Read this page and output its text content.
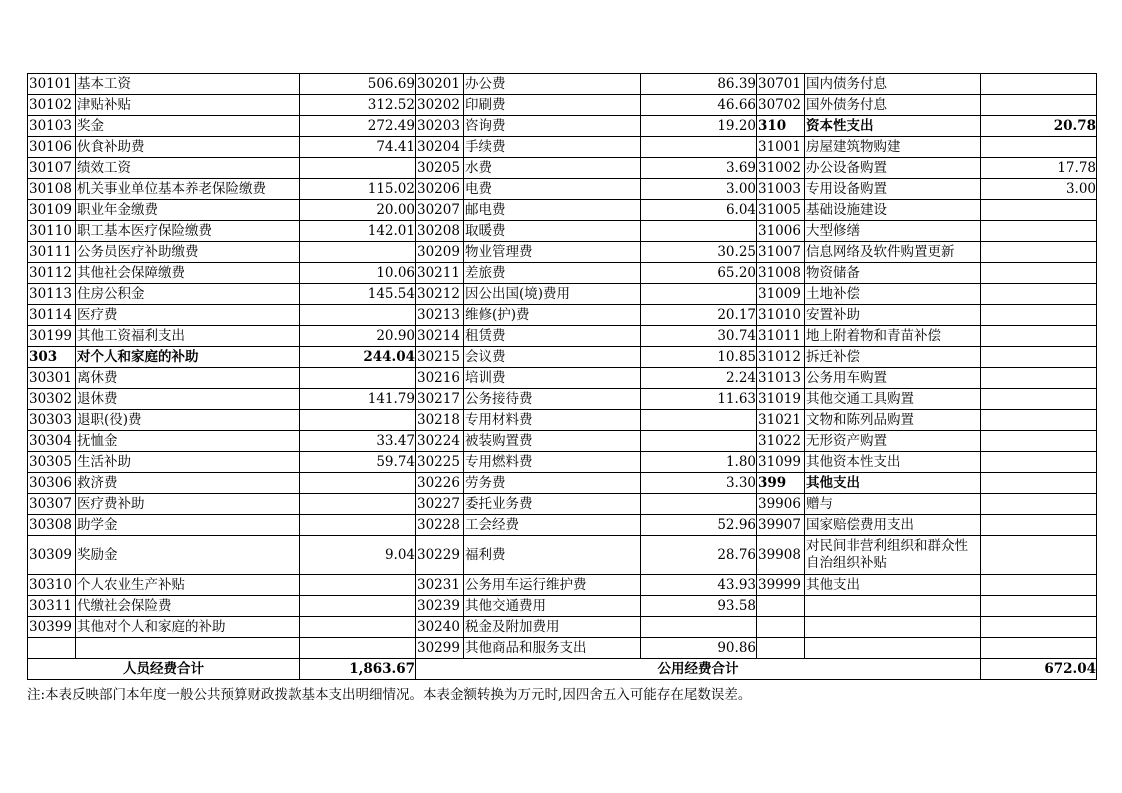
30101	基本工资	506.69	30201	办公费	86.39	30701	国内债务付息	
30102	津贴补贴	312.52	30202	印刷费	46.66	30702	国外债务付息	
30103	奖金	272.49	30203	咨询费	19.20	310	资本性支出	20.78
30106	伙食补助费	74.41	30204	手续费		31001	房屋建筑物购建	
30107	绩效工资		30205	水费	3.69	31002	办公设备购置	17.78
30108	机关事业单位基本养老保险缴费	115.02	30206	电费	3.00	31003	专用设备购置	3.00
30109	职业年金缴费	20.00	30207	邮电费	6.04	31005	基础设施建设	
30110	职工基本医疗保险缴费	142.01	30208	取暖费		31006	大型修缮	
30111	公务员医疗补助缴费		30209	物业管理费	30.25	31007	信息网络及软件购置更新	
30112	其他社会保障缴费	10.06	30211	差旅费	65.20	31008	物资储备	
30113	住房公积金	145.54	30212	因公出国(境)费用		31009	土地补偿	
30114	医疗费		30213	维修(护)费	20.17	31010	安置补助	
30199	其他工资福利支出	20.90	30214	租赁费	30.74	31011	地上附着物和青苗补偿	
303	对个人和家庭的补助	244.04	30215	会议费	10.85	31012	拆迁补偿	
30301	离休费		30216	培训费	2.24	31013	公务用车购置	
30302	退休费	141.79	30217	公务接待费	11.63	31019	其他交通工具购置	
30303	退职(役)费		30218	专用材料费		31021	文物和陈列品购置	
30304	抚恤金	33.47	30224	被装购置费		31022	无形资产购置	
30305	生活补助	59.74	30225	专用燃料费	1.80	31099	其他资本性支出	
30306	救济费		30226	劳务费	3.30	399	其他支出	
30307	医疗费补助		30227	委托业务费		39906	赠与	
30308	助学金		30228	工会经费	52.96	39907	国家赔偿费用支出	
30309	奖励金	9.04	30229	福利费	28.76	39908	对民间非营利组织和群众性自治组织补贴	
30310	个人农业生产补贴		30231	公务用车运行维护费	43.93	39999	其他支出	
30311	代缴社会保险费		30239	其他交通费用	93.58			
30399	其他对个人和家庭的补助		30240	税金及附加费用				
			30299	其他商品和服务支出	90.86			
人员经费合计		1,863.67	公用经费合计					672.04
注:本表反映部门本年度一般公共预算财政拨款基本支出明细情况。本表金额转换为万元时,因四舍五入可能存在尾数误差。
